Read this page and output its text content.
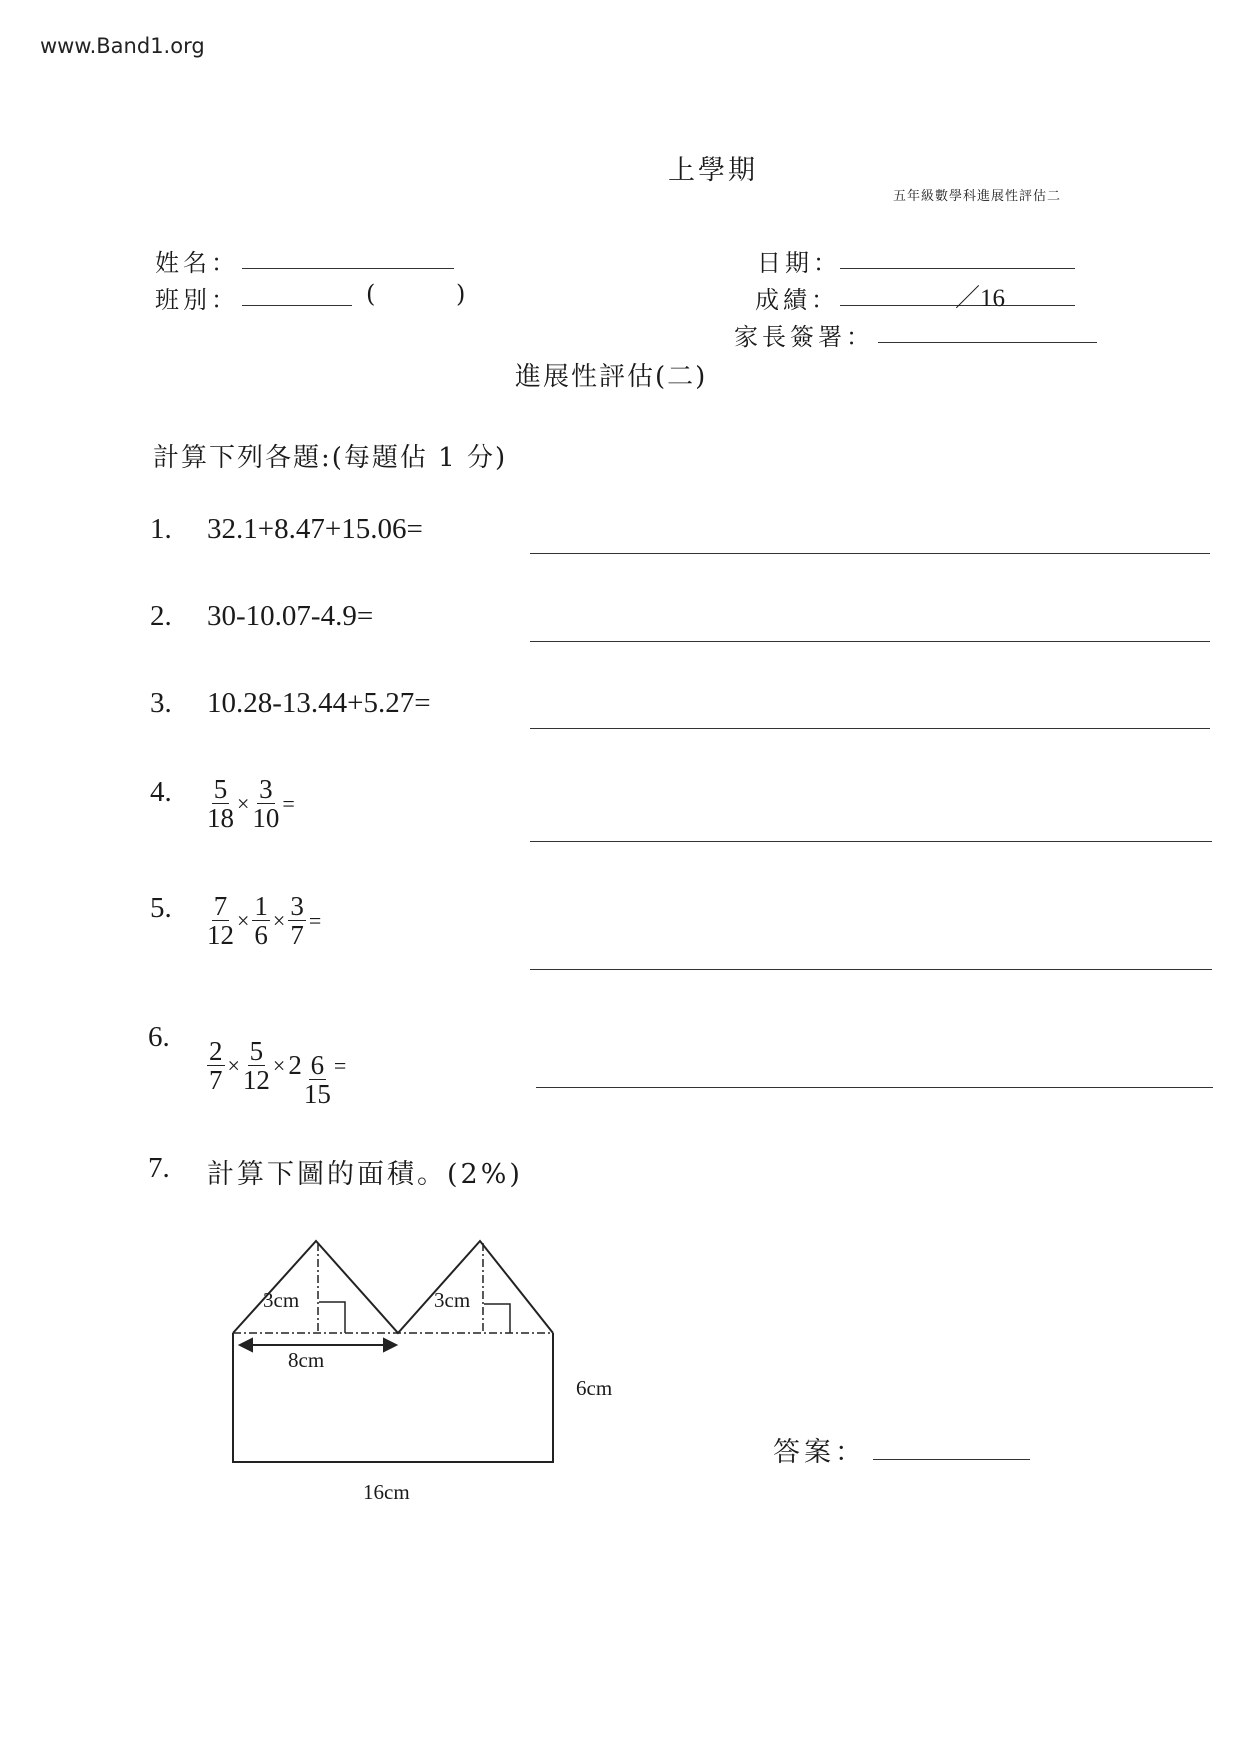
www.Band1.org
上學期
五年級數學科進展性評估二
姓名：
班別：	(	)
日期：
成績：	／16
家長簽署：
進展性評估(二)
計算下列各題:(每題佔 1 分)
1. 32.1+8.47+15.06=
2. 30-10.07-4.9=
3. 10.28-13.44+5.27=
4. $\frac{5}{18} \times \frac{3}{10}$ =
5. $\frac{7}{12} \times \frac{1}{6} \times \frac{3}{7}$ =
6. $\frac{2}{7} \times \frac{5}{12} \times 2 \frac{6}{15}$ =
7. 計算下圖的面積。(2%)
3cm	3cm
8cm
6cm
16cm
答案：
